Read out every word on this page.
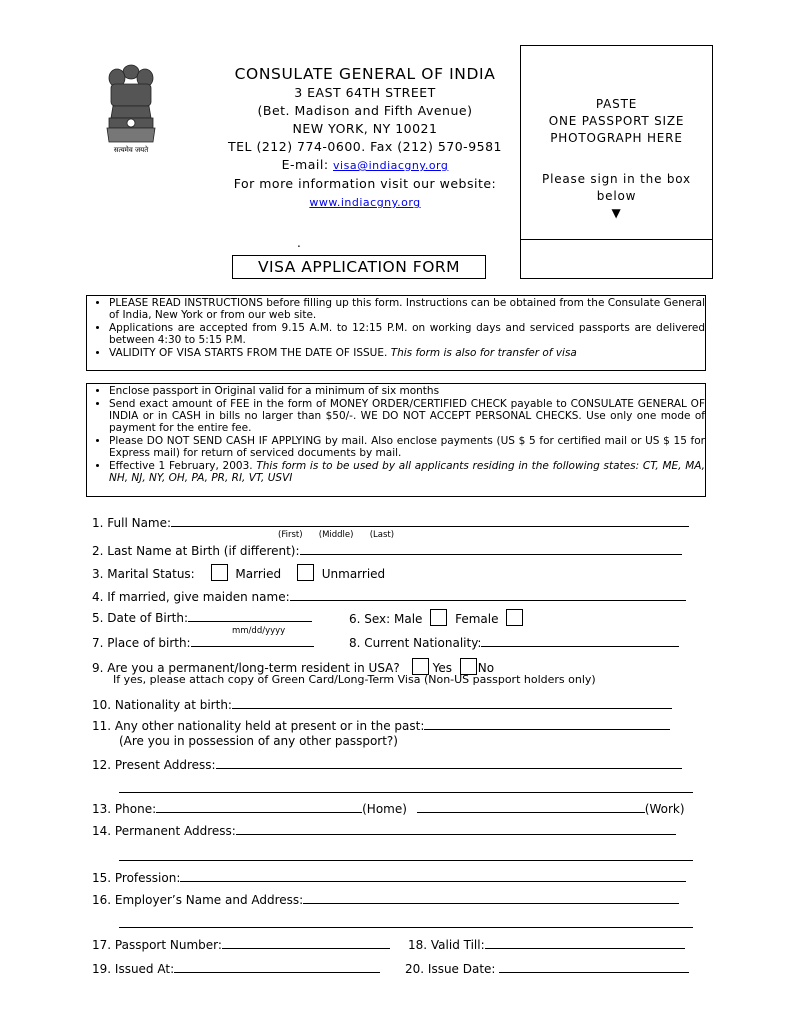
सत्यमेव जयते
CONSULATE GENERAL OF INDIA
3 EAST 64TH STREET
(Bet. Madison and Fifth Avenue)
NEW YORK, NY 10021
TEL (212) 774-0600. Fax (212) 570-9581
E-mail: visa@indiacgny.org
For more information visit our website:
www.indiacgny.org
.
PASTE
ONE PASSPORT SIZE
PHOTOGRAPH HERE
Please sign in the box
below
▼
VISA APPLICATION FORM
• PLEASE READ INSTRUCTIONS before filling up this form. Instructions can be obtained from the Consulate General of India, New York or from our web site.
• Applications are accepted from 9.15 A.M. to 12:15 P.M. on working days and serviced passports are delivered between 4:30 to 5:15 P.M.
• VALIDITY OF VISA STARTS FROM THE DATE OF ISSUE. This form is also for transfer of visa
• Enclose passport in Original valid for a minimum of six months
• Send exact amount of FEE in the form of MONEY ORDER/CERTIFIED CHECK payable to CONSULATE GENERAL OF INDIA or in CASH in bills no larger than $50/-. WE DO NOT ACCEPT PERSONAL CHECKS. Use only one mode of payment for the entire fee.
• Please DO NOT SEND CASH IF APPLYING by mail. Also enclose payments (US $ 5 for certified mail or US $ 15 for Express mail) for return of serviced documents by mail.
• Effective 1 February, 2003. This form is to be used by all applicants residing in the following states: CT, ME, MA, NH, NJ, NY, OH, PA, PR, RI, VT, USVI
1. Full Name:
(First) (Middle) (Last)
2. Last Name at Birth (if different):
3. Marital Status:	Married	Unmarried
4. If married, give maiden name:
5. Date of Birth:
mm/dd/yyyy
6. Sex: Male	Female
7. Place of birth:	8. Current Nationality:
9. Are you a permanent/long-term resident in USA?	Yes No
If yes, please attach copy of Green Card/Long-Term Visa (Non-US passport holders only)
10. Nationality at birth:
11. Any other nationality held at present or in the past:
(Are you in possession of any other passport?)
12. Present Address:
13. Phone:	(Home)	(Work)
14. Permanent Address:
15. Profession:
16. Employer’s Name and Address:
17. Passport Number:	18. Valid Till:
19. Issued At:	20. Issue Date:
